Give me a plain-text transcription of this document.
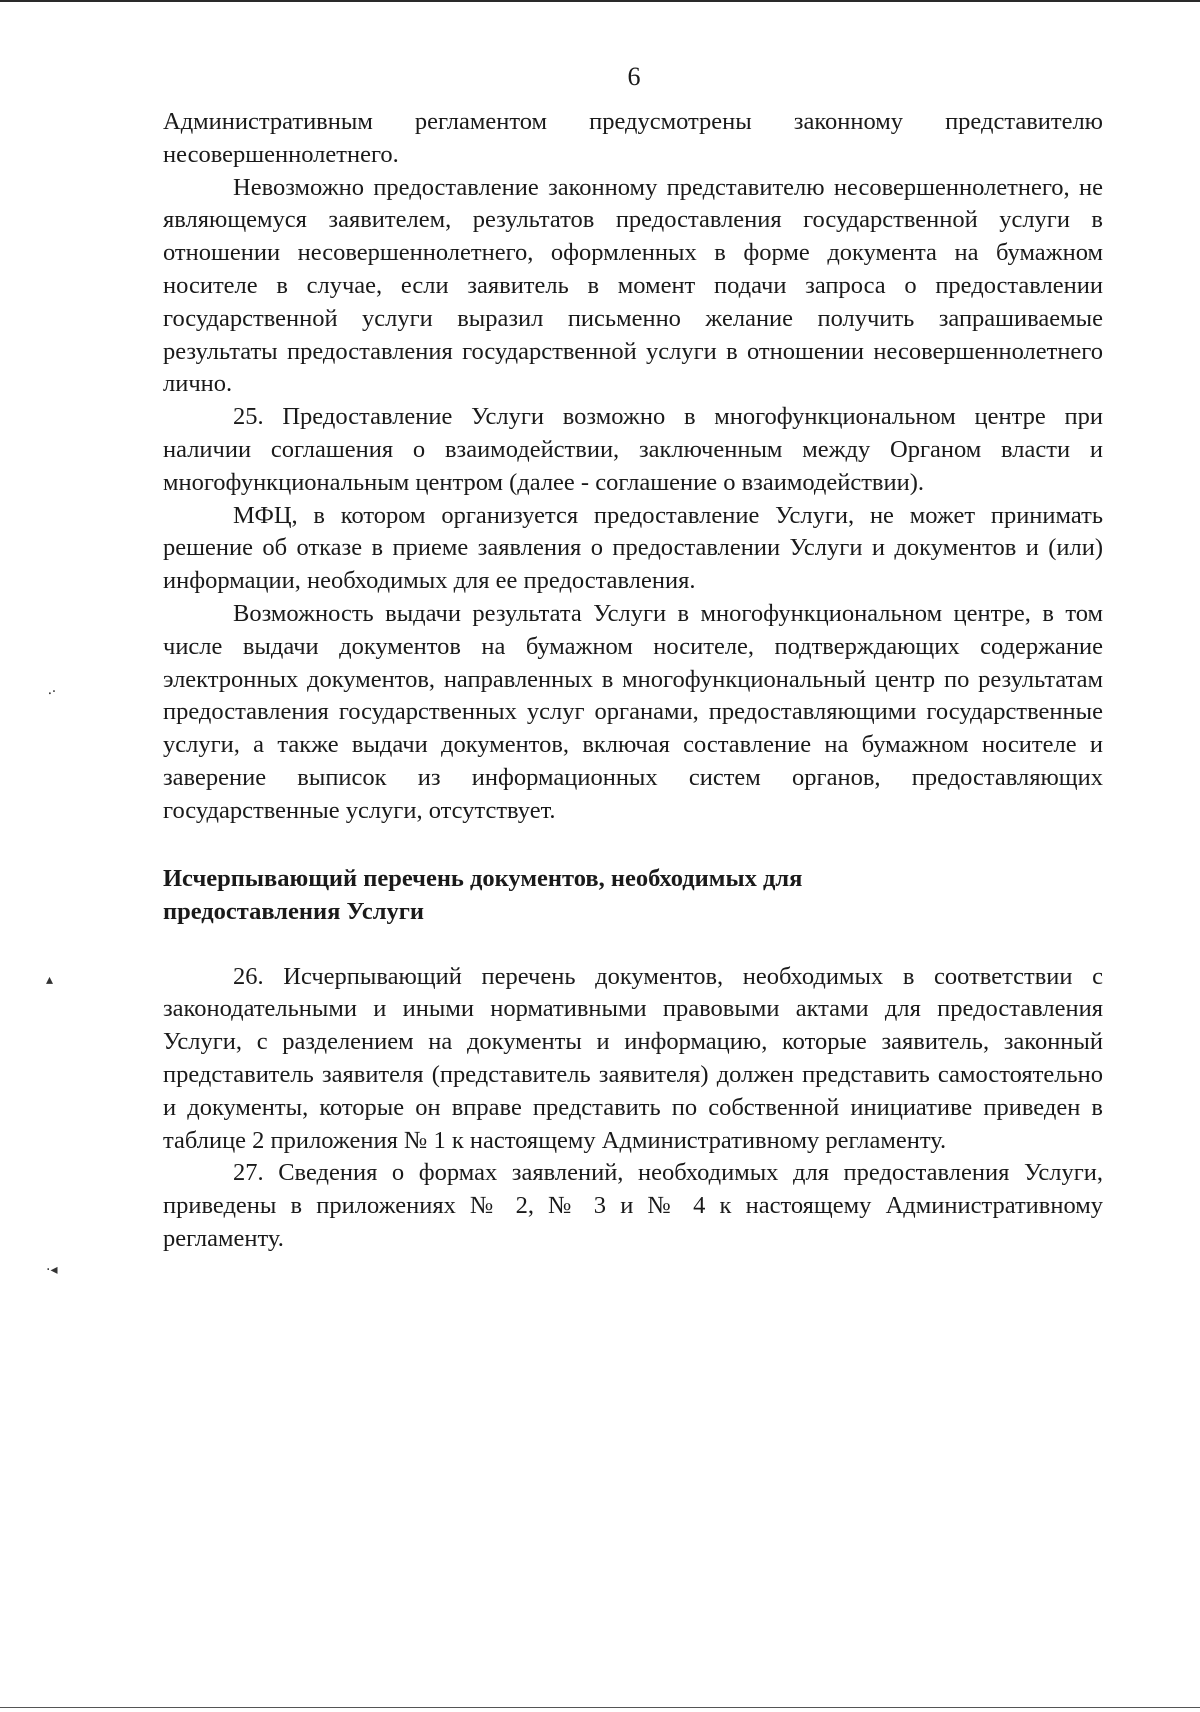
6

Административным регламентом предусмотрены законному представителю несовершеннолетнего.

Невозможно предоставление законному представителю несовершеннолетнего, не являющемуся заявителем, результатов предоставления государственной услуги в отношении несовершеннолетнего, оформленных в форме документа на бумажном носителе в случае, если заявитель в момент подачи запроса о предоставлении государственной услуги выразил письменно желание получить запрашиваемые результаты предоставления государственной услуги в отношении несовершеннолетнего лично.

25. Предоставление Услуги возможно в многофункциональном центре при наличии соглашения о взаимодействии, заключенным между Органом власти и многофункциональным центром (далее - соглашение о взаимодействии).

МФЦ, в котором организуется предоставление Услуги, не может принимать решение об отказе в приеме заявления о предоставлении Услуги и документов и (или) информации, необходимых для ее предоставления.

Возможность выдачи результата Услуги в многофункциональном центре, в том числе выдачи документов на бумажном носителе, подтверждающих содержание электронных документов, направленных в многофункциональный центр по результатам предоставления государственных услуг органами, предоставляющими государственные услуги, а также выдачи документов, включая составление на бумажном носителе и заверение выписок из информационных систем органов, предоставляющих государственные услуги, отсутствует.

Исчерпывающий перечень документов, необходимых для

предоставления Услуги

26. Исчерпывающий перечень документов, необходимых в соответствии с законодательными и иными нормативными правовыми актами для предоставления Услуги, с разделением на документы и информацию, которые заявитель, законный представитель заявителя (представитель заявителя) должен представить самостоятельно и документы, которые он вправе представить по собственной инициативе приведен в таблице 2 приложения № 1 к настоящему Административному регламенту.

27. Сведения о формах заявлений, необходимых для предоставления Услуги, приведены в приложениях № 2, № 3 и № 4 к настоящему Административному регламенту.

⸳·
▴
·◂
